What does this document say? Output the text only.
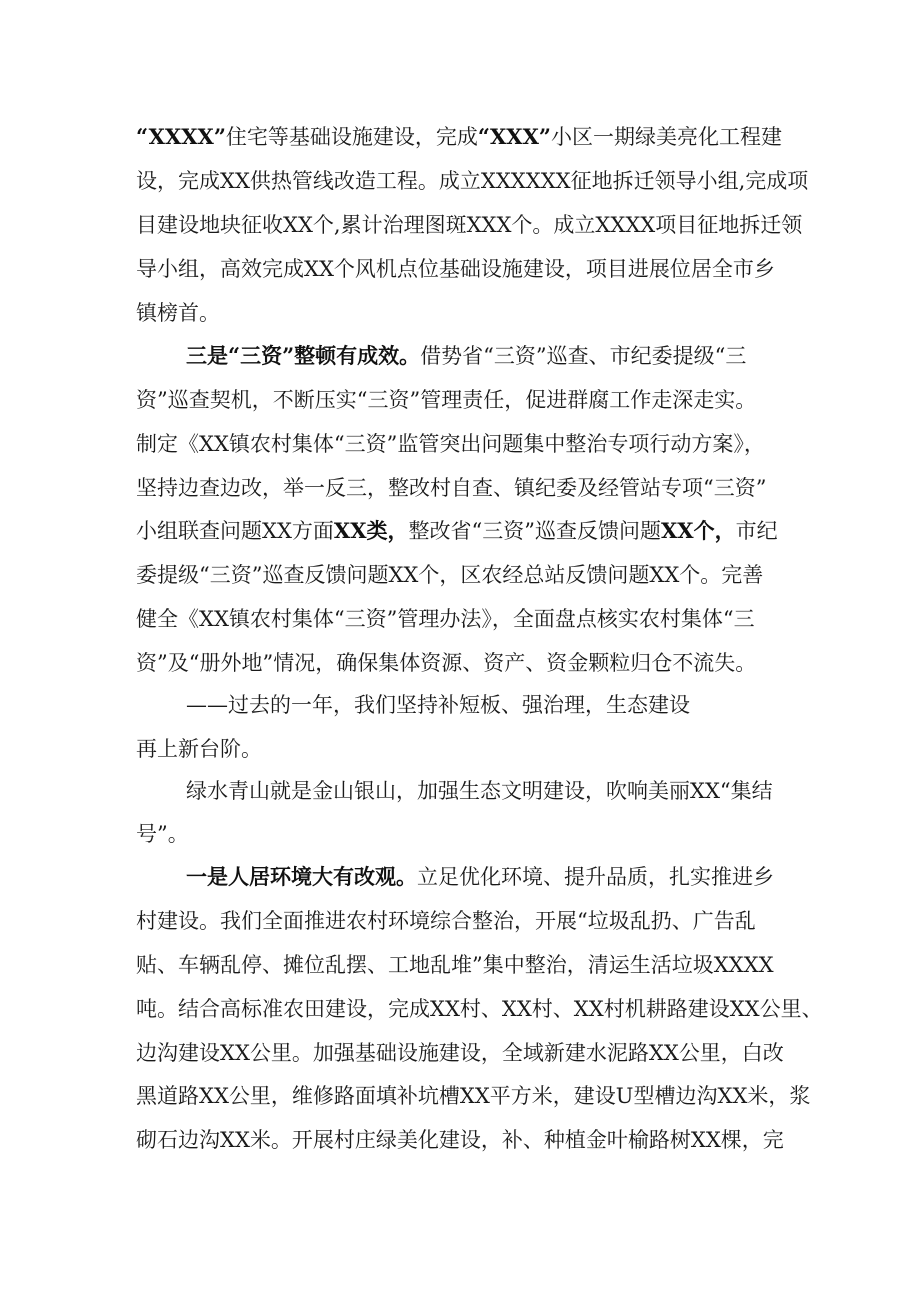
“XXXX”住宅等基础设施建设，完成“XXX”小区一期绿美亮化工程建

设，完成XX供热管线改造工程。成立XXXXXX征地拆迁领导小组,完成项

目建设地块征收XX个,累计治理图斑XXX个。成立XXXX项目征地拆迁领

导小组，高效完成XX个风机点位基础设施建设，项目进展位居全市乡

镇榜首。

三是“三资”整顿有成效。借势省“三资”巡查、市纪委提级“三

资”巡查契机，不断压实“三资”管理责任，促进群腐工作走深走实。

制定《XX镇农村集体“三资”监管突出问题集中整治专项行动方案》，

坚持边查边改，举一反三，整改村自查、镇纪委及经管站专项“三资”

小组联查问题XX方面XX类，整改省“三资”巡查反馈问题XX个，市纪

委提级“三资”巡查反馈问题XX个，区农经总站反馈问题XX个。完善

健全《XX镇农村集体“三资”管理办法》，全面盘点核实农村集体“三

资”及“册外地”情况，确保集体资源、资产、资金颗粒归仓不流失。

——过去的一年，我们坚持补短板、强治理，生态建设

再上新台阶。

绿水青山就是金山银山，加强生态文明建设，吹响美丽XX“集结

号”。

一是人居环境大有改观。立足优化环境、提升品质，扎实推进乡

村建设。我们全面推进农村环境综合整治，开展“垃圾乱扔、广告乱

贴、车辆乱停、摊位乱摆、工地乱堆”集中整治，清运生活垃圾XXXX

吨。结合高标准农田建设，完成XX村、XX村、XX村机耕路建设XX公里、

边沟建设XX公里。加强基础设施建设，全域新建水泥路XX公里，白改

黑道路XX公里，维修路面填补坑槽XX平方米，建设U型槽边沟XX米，浆

砌石边沟XX米。开展村庄绿美化建设，补、种植金叶榆路树XX棵，完
